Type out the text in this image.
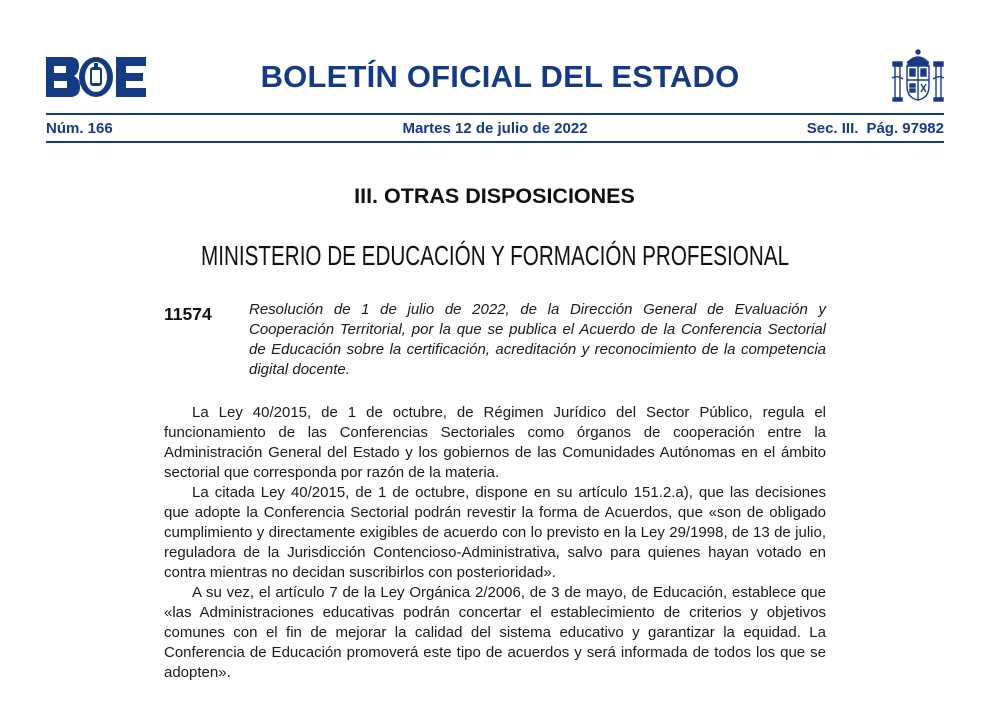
BOLETÍN OFICIAL DEL ESTADO
Núm. 166	Martes 12 de julio de 2022	Sec. III. Pág. 97982
III. OTRAS DISPOSICIONES
MINISTERIO DE EDUCACIÓN Y FORMACIÓN PROFESIONAL
11574 Resolución de 1 de julio de 2022, de la Dirección General de Evaluación y Cooperación Territorial, por la que se publica el Acuerdo de la Conferencia Sectorial de Educación sobre la certificación, acreditación y reconocimiento de la competencia digital docente.

La Ley 40/2015, de 1 de octubre, de Régimen Jurídico del Sector Público, regula el funcionamiento de las Conferencias Sectoriales como órganos de cooperación entre la Administración General del Estado y los gobiernos de las Comunidades Autónomas en el ámbito sectorial que corresponda por razón de la materia.

La citada Ley 40/2015, de 1 de octubre, dispone en su artículo 151.2.a), que las decisiones que adopte la Conferencia Sectorial podrán revestir la forma de Acuerdos, que «son de obligado cumplimiento y directamente exigibles de acuerdo con lo previsto en la Ley 29/1998, de 13 de julio, reguladora de la Jurisdicción Contencioso-Administrativa, salvo para quienes hayan votado en contra mientras no decidan suscribirlos con posterioridad».

A su vez, el artículo 7 de la Ley Orgánica 2/2006, de 3 de mayo, de Educación, establece que «las Administraciones educativas podrán concertar el establecimiento de criterios y objetivos comunes con el fin de mejorar la calidad del sistema educativo y garantizar la equidad. La Conferencia de Educación promoverá este tipo de acuerdos y será informada de todos los que se adopten».
